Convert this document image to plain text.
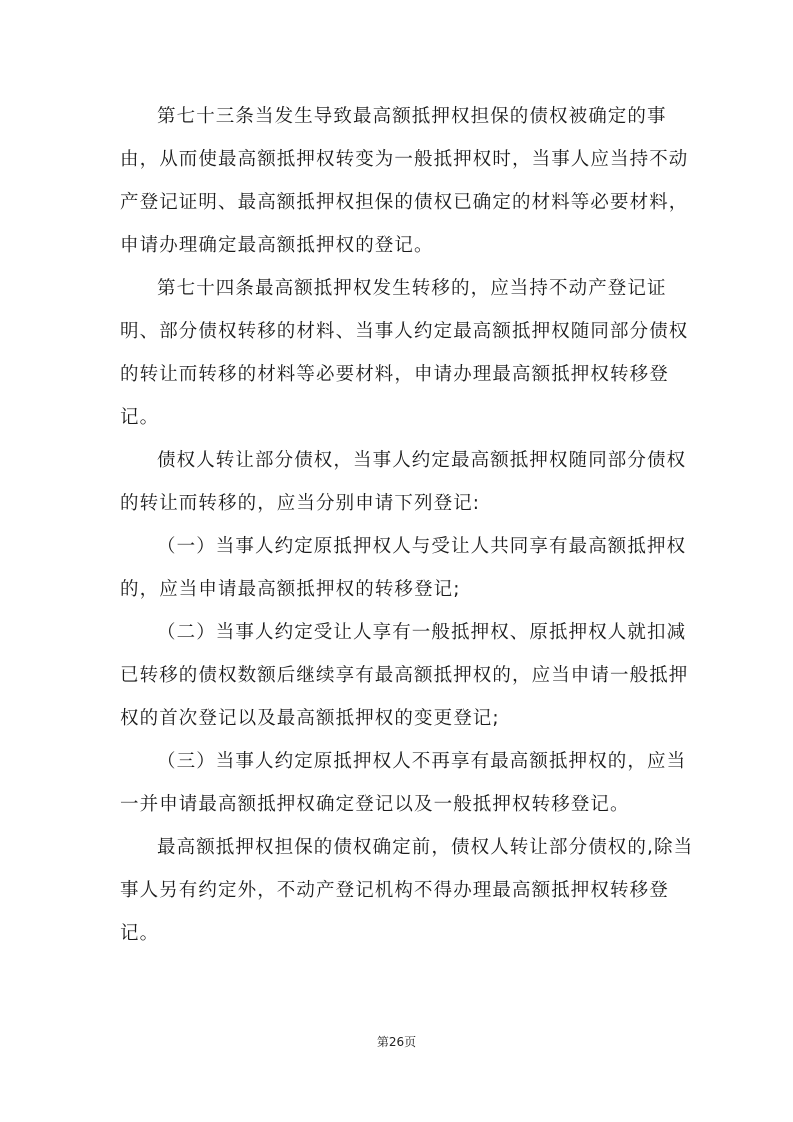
第七十三条当发生导致最高额抵押权担保的债权被确定的事
由，从而使最高额抵押权转变为一般抵押权时，当事人应当持不动
产登记证明、最高额抵押权担保的债权已确定的材料等必要材料，
申请办理确定最高额抵押权的登记。
第七十四条最高额抵押权发生转移的，应当持不动产登记证
明、部分债权转移的材料、当事人约定最高额抵押权随同部分债权
的转让而转移的材料等必要材料，申请办理最高额抵押权转移登
记。
债权人转让部分债权，当事人约定最高额抵押权随同部分债权
的转让而转移的，应当分别申请下列登记:
（一）当事人约定原抵押权人与受让人共同享有最高额抵押权
的，应当申请最高额抵押权的转移登记;
（二）当事人约定受让人享有一般抵押权、原抵押权人就扣减
已转移的债权数额后继续享有最高额抵押权的，应当申请一般抵押
权的首次登记以及最高额抵押权的变更登记;
（三）当事人约定原抵押权人不再享有最高额抵押权的，应当
一并申请最高额抵押权确定登记以及一般抵押权转移登记。
最高额抵押权担保的债权确定前，债权人转让部分债权的,除当
事人另有约定外，不动产登记机构不得办理最高额抵押权转移登
记。
第26页
